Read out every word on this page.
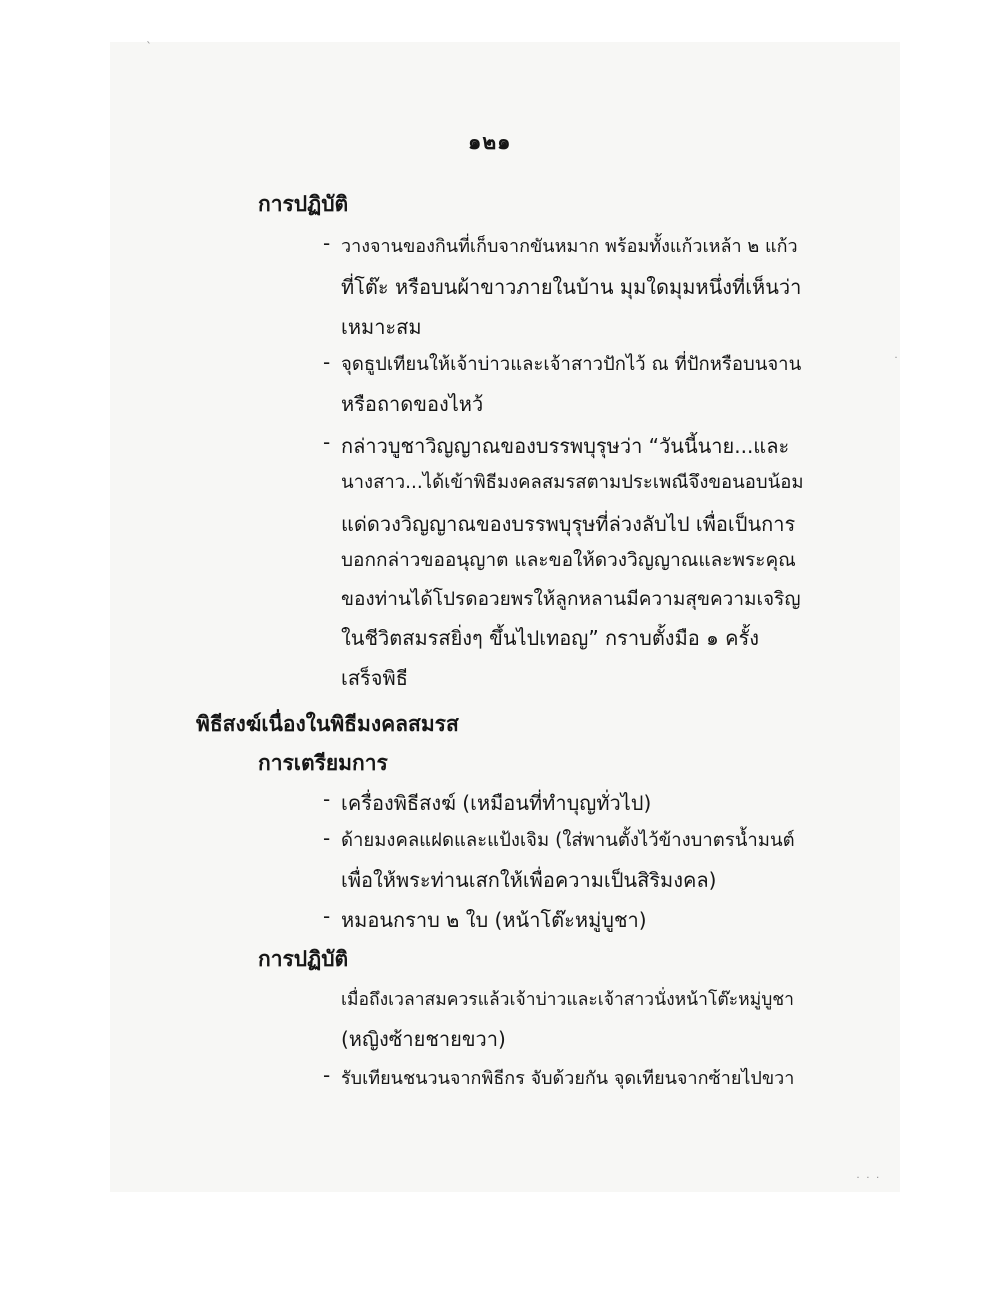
๑๒๑
การปฏิบัติ
- วางจานของกินที่เก็บจากขันหมาก พร้อมทั้งแก้วเหล้า ๒ แก้ว
ที่โต๊ะ หรือบนผ้าขาวภายในบ้าน มุมใดมุมหนึ่งที่เห็นว่า
เหมาะสม
- จุดธูปเทียนให้เจ้าบ่าวและเจ้าสาวปักไว้ ณ ที่ปักหรือบนจาน
หรือถาดของไหว้
- กล่าวบูชาวิญญาณของบรรพบุรุษว่า “วันนี้นาย...และ
นางสาว...ได้เข้าพิธีมงคลสมรสตามประเพณีจึงขอนอบน้อม
แด่ดวงวิญญาณของบรรพบุรุษที่ล่วงลับไป เพื่อเป็นการ
บอกกล่าวขออนุญาต และขอให้ดวงวิญญาณและพระคุณ
ของท่านได้โปรดอวยพรให้ลูกหลานมีความสุขความเจริญ
ในชีวิตสมรสยิ่งๆ ขึ้นไปเทอญ” กราบตั้งมือ ๑ ครั้ง
เสร็จพิธี
พิธีสงฆ์เนื่องในพิธีมงคลสมรส
การเตรียมการ
- เครื่องพิธีสงฆ์ (เหมือนที่ทำบุญทั่วไป)
- ด้ายมงคลแฝดและแป้งเจิม (ใส่พานตั้งไว้ข้างบาตรน้ำมนต์
เพื่อให้พระท่านเสกให้เพื่อความเป็นสิริมงคล)
- หมอนกราบ ๒ ใบ (หน้าโต๊ะหมู่บูชา)
การปฏิบัติ
เมื่อถึงเวลาสมควรแล้วเจ้าบ่าวและเจ้าสาวนั่งหน้าโต๊ะหมู่บูชา
(หญิงซ้ายชายขวา)
- รับเทียนชนวนจากพิธีกร จับด้วยกัน จุดเทียนจากซ้ายไปขวา
ˋ
˙
˙ ˙ ˙
